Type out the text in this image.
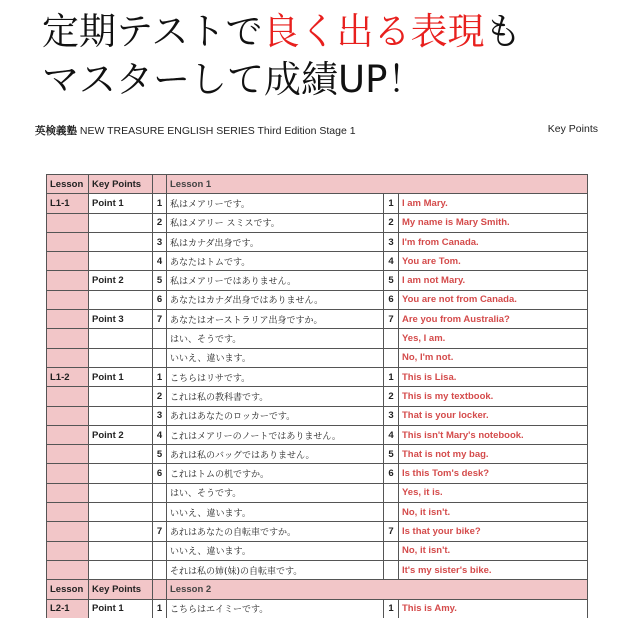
定期テストで良く出る表現も
マスターして成績UP！
英検義塾 NEW TREASURE ENGLISH SERIES Third Edition Stage 1	Key Points
Lesson	Key Points		Lesson 1		
L1-1	Point 1	1	私はメアリーです。	1	I am Mary.
		2	私はメアリー スミスです。	2	My name is Mary Smith.
		3	私はカナダ出身です。	3	I'm from Canada.
		4	あなたはトムです。	4	You are Tom.
	Point 2	5	私はメアリーではありません。	5	I am not Mary.
		6	あなたはカナダ出身ではありません。	6	You are not from Canada.
	Point 3	7	あなたはオーストラリア出身ですか。	7	Are you from Australia?
			はい、そうです。		Yes, I am.
			いいえ、違います。		No, I'm not.
L1-2	Point 1	1	こちらはリサです。	1	This is Lisa.
		2	これは私の教科書です。	2	This is my textbook.
		3	あれはあなたのロッカーです。	3	That is your locker.
	Point 2	4	これはメアリーのノートではありません。	4	This isn't Mary's notebook.
		5	あれは私のバッグではありません。	5	That is not my bag.
		6	これはトムの机ですか。	6	Is this Tom's desk?
			はい、そうです。		Yes, it is.
			いいえ、違います。		No, it isn't.
		7	あれはあなたの自転車ですか。	7	Is that your bike?
			いいえ、違います。		No, it isn't.
			それは私の姉(妹)の自転車です。		It's my sister's bike.
Lesson	Key Points		Lesson 2		
L2-1	Point 1	1	こちらはエイミーです。	1	This is Amy.
